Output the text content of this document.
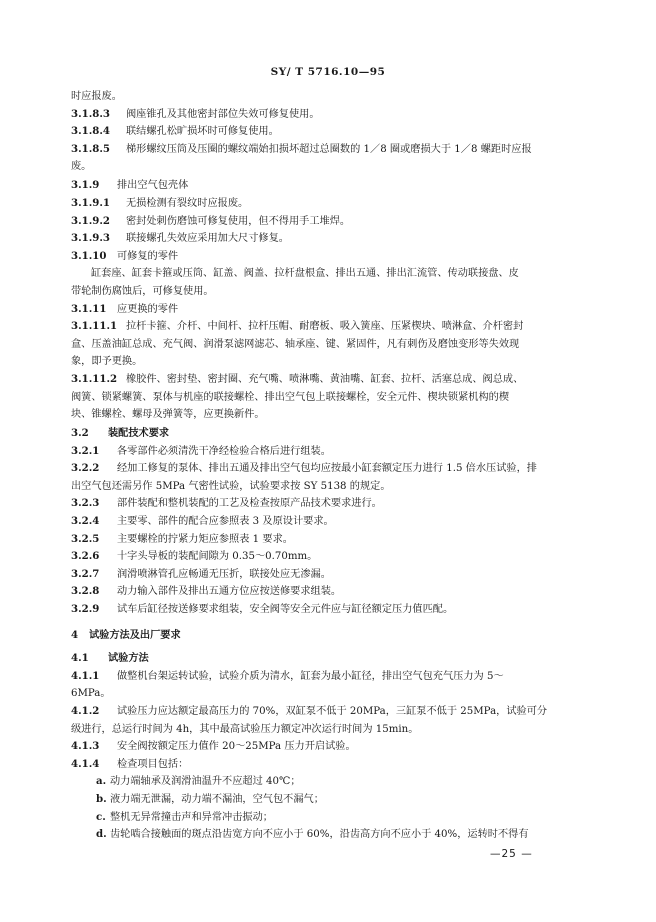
SY/ T 5716.10—95
时应报废。
3.1.8.3 阀座锥孔及其他密封部位失效可修复使用。
3.1.8.4 联结螺孔松旷损坏时可修复使用。
3.1.8.5 梯形螺纹压筒及压圈的螺纹端始扣损坏超过总圈数的 1／8 圈或磨损大于 1／8 螺距时应报
废。
3.1.9 排出空气包壳体
3.1.9.1 无损检测有裂纹时应报废。
3.1.9.2 密封处刺伤磨蚀可修复使用，但不得用手工堆焊。
3.1.9.3 联接螺孔失效应采用加大尺寸修复。
3.1.10 可修复的零件
缸套座、缸套卡箍或压筒、缸盖、阀盖、拉杆盘根盒、排出五通、排出汇流管、传动联接盘、皮
带轮制伤腐蚀后，可修复使用。
3.1.11 应更换的零件
3.1.11.1 拉杆卡箍、介杆、中间杆、拉杆压帽、耐磨板、吸入簧座、压紧楔块、喷淋盒、介杆密封
盒、压盖油缸总成、充气阀、润滑泵滤网滤芯、轴承座、键、紧固件，凡有刺伤及磨蚀变形等失效现
象，即予更换。
3.1.11.2 橡胶件、密封垫、密封圈、充气嘴、喷淋嘴、黄油嘴、缸套、拉杆、活塞总成、阀总成、
阀簧、锁紧螺簧、泵体与机座的联接螺栓、排出空气包上联接螺栓，安全元件、楔块锁紧机构的楔
块、锥螺栓、螺母及弹簧等，应更换新件。
3.2 装配技术要求
3.2.1 各零部件必须清洗干净经检验合格后进行组装。
3.2.2 经加工修复的泵体、排出五通及排出空气包均应按最小缸套额定压力进行 1.5 倍水压试验，排
出空气包还需另作 5MPa 气密性试验，试验要求按 SY 5138 的规定。
3.2.3 部件装配和整机装配的工艺及检查按原产品技术要求进行。
3.2.4 主要零、部件的配合应参照表 3 及原设计要求。
3.2.5 主要螺栓的拧紧力矩应参照表 1 要求。
3.2.6 十字头导板的装配间隙为 0.35～0.70mm。
3.2.7 润滑喷淋管孔应畅通无压折，联接处应无渗漏。
3.2.8 动力输入部件及排出五通方位应按送修要求组装。
3.2.9 试车后缸径按送修要求组装，安全阀等安全元件应与缸径额定压力值匹配。
4 试验方法及出厂要求
4.1 试验方法
4.1.1 做整机台架运转试验，试验介质为清水，缸套为最小缸径，排出空气包充气压力为 5～
6MPa。
4.1.2 试验压力应达额定最高压力的 70%，双缸泵不低于 20MPa，三缸泵不低于 25MPa，试验可分
级进行，总运行时间为 4h，其中最高试验压力额定冲次运行时间为 15min。
4.1.3 安全阀按额定压力值作 20～25MPa 压力开启试验。
4.1.4 检查项目包括：
a. 动力端轴承及润滑油温升不应超过 40℃；
b. 液力端无泄漏，动力端不漏油，空气包不漏气；
c. 整机无异常撞击声和异常冲击振动；
d. 齿轮啮合接触面的斑点沿齿宽方向不应小于 60%，沿齿高方向不应小于 40%，运转时不得有
—25 —
